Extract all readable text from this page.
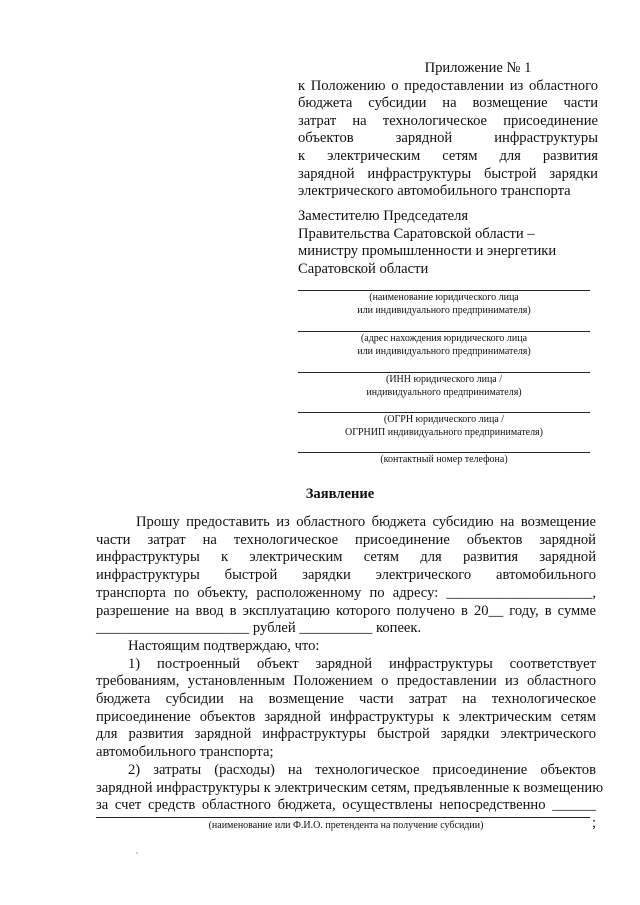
Приложение № 1
к Положению о предоставлении из областного
бюджета субсидии на возмещение части
затрат на технологическое присоединение
объектов зарядной инфраструктуры
к электрическим сетям для развития
зарядной инфраструктуры быстрой зарядки
электрического автомобильного транспорта
Заместителю Председателя
Правительства Саратовской области –
министру промышленности и энергетики
Саратовской области
(наименование юридического лица
или индивидуального предпринимателя)
(адрес нахождения юридического лица
или индивидуального предпринимателя)
(ИНН юридического лица /
индивидуального предпринимателя)
(ОГРН юридического лица /
ОГРНИП индивидуального предпринимателя)
(контактный номер телефона)
Заявление
Прошу предоставить из областного бюджета субсидию на возмещение
части затрат на технологическое присоединение объектов зарядной
инфраструктуры к электрическим сетям для развития зарядной
инфраструктуры быстрой зарядки электрического автомобильного
транспорта по объекту, расположенному по адресу: ____________________,
разрешение на ввод в эксплуатацию которого получено в 20__ году, в сумме
_____________________ рублей __________ копеек.
Настоящим подтверждаю, что:
1) построенный объект зарядной инфраструктуры соответствует
требованиям, установленным Положением о предоставлении из областного
бюджета субсидии на возмещение части затрат на технологическое
присоединение объектов зарядной инфраструктуры к электрическим сетям
для развития зарядной инфраструктуры быстрой зарядки электрического
автомобильного транспорта;
2) затраты (расходы) на технологическое присоединение объектов
зарядной инфраструктуры к электрическим сетям, предъявленные к возмещению
за счет средств областного бюджета, осуществлены непосредственно ______
;
(наименование или Ф.И.О. претендента на получение субсидии)
